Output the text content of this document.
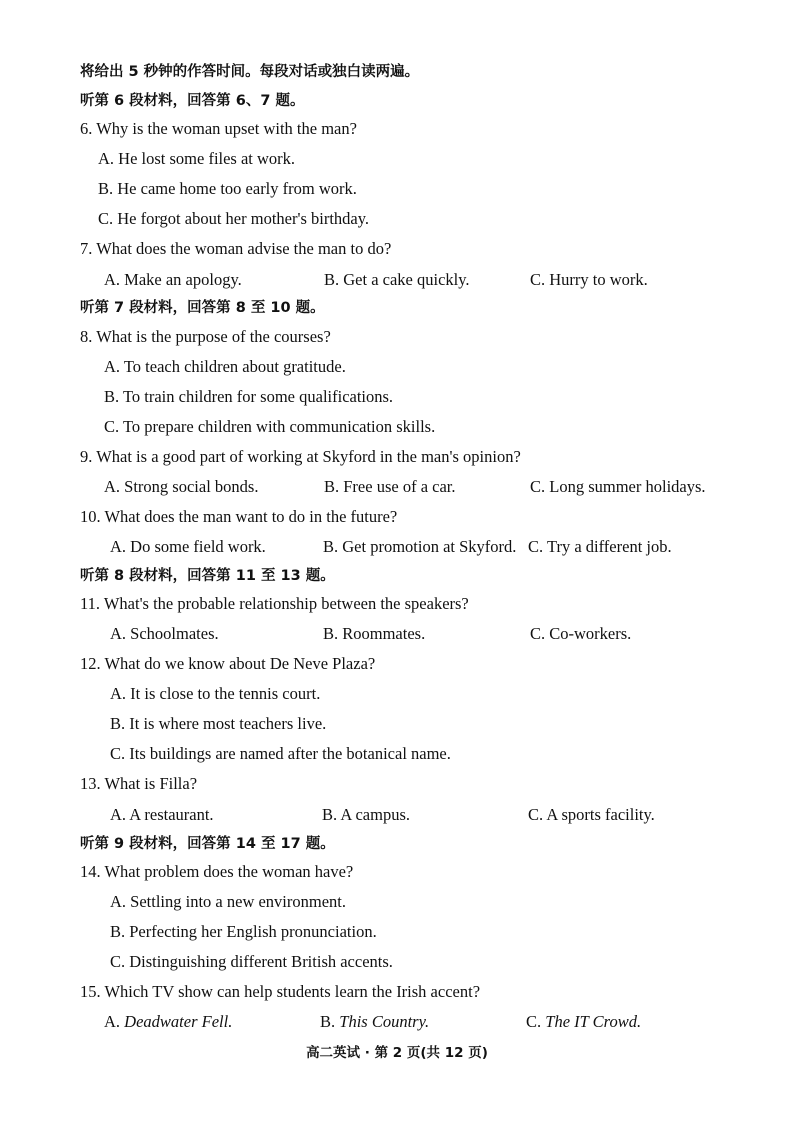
将给出 5 秒钟的作答时间。每段对话或独白读两遍。
听第 6 段材料，回答第 6、7 题。
6. Why is the woman upset with the man?
A. He lost some files at work.
B. He came home too early from work.
C. He forgot about her mother's birthday.
7. What does the woman advise the man to do?
A. Make an apology.	B. Get a cake quickly.	C. Hurry to work.
听第 7 段材料，回答第 8 至 10 题。
8. What is the purpose of the courses?
A. To teach children about gratitude.
B. To train children for some qualifications.
C. To prepare children with communication skills.
9. What is a good part of working at Skyford in the man's opinion?
A. Strong social bonds.	B. Free use of a car.	C. Long summer holidays.
10. What does the man want to do in the future?
A. Do some field work.	B. Get promotion at Skyford. C. Try a different job.
听第 8 段材料，回答第 11 至 13 题。
11. What's the probable relationship between the speakers?
A. Schoolmates.	B. Roommates.	C. Co-workers.
12. What do we know about De Neve Plaza?
A. It is close to the tennis court.
B. It is where most teachers live.
C. Its buildings are named after the botanical name.
13. What is Filla?
A. A restaurant.	B. A campus.	C. A sports facility.
听第 9 段材料，回答第 14 至 17 题。
14. What problem does the woman have?
A. Settling into a new environment.
B. Perfecting her English pronunciation.
C. Distinguishing different British accents.
15. Which TV show can help students learn the Irish accent?
A. Deadwater Fell.	B. This Country.	C. The IT Crowd.
高二英试 · 第 2 页(共 12 页)
